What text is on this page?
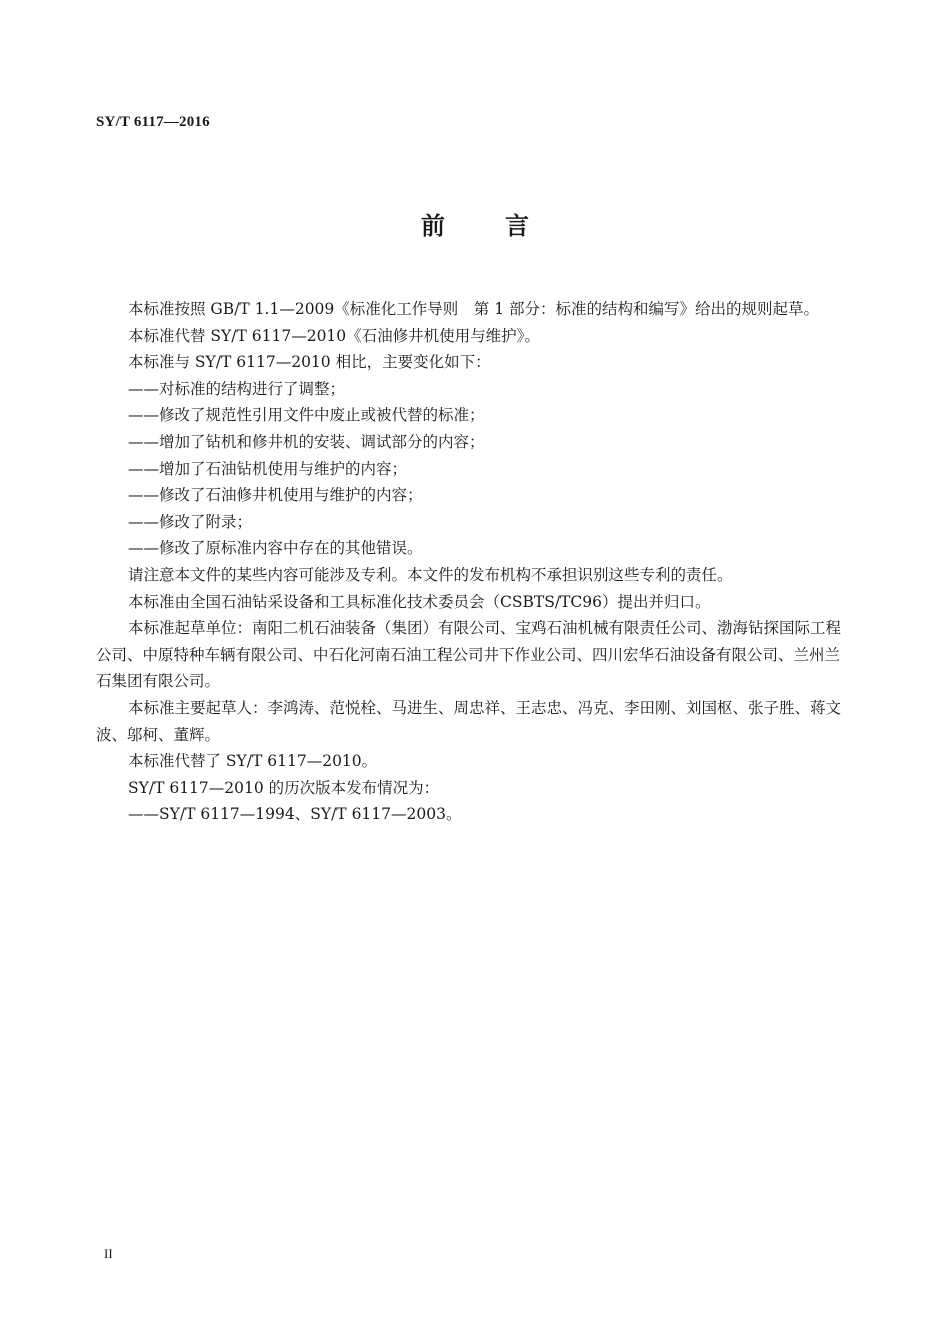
SY/T 6117—2016
前	言

本标准按照 GB/T 1.1—2009《标准化工作导则　第 1 部分：标准的结构和编写》给出的规则起草。

本标准代替 SY/T 6117—2010《石油修井机使用与维护》。

本标准与 SY/T 6117—2010 相比，主要变化如下：

——对标准的结构进行了调整；

——修改了规范性引用文件中废止或被代替的标准；

——增加了钻机和修井机的安装、调试部分的内容；

——增加了石油钻机使用与维护的内容；

——修改了石油修井机使用与维护的内容；

——修改了附录；

——修改了原标准内容中存在的其他错误。

请注意本文件的某些内容可能涉及专利。本文件的发布机构不承担识别这些专利的责任。

本标准由全国石油钻采设备和工具标准化技术委员会（CSBTS/TC96）提出并归口。

本标准起草单位：南阳二机石油装备（集团）有限公司、宝鸡石油机械有限责任公司、渤海钻探国际工程公司、中原特种车辆有限公司、中石化河南石油工程公司井下作业公司、四川宏华石油设备有限公司、兰州兰石集团有限公司。

本标准主要起草人：李鸿涛、范悦栓、马进生、周忠祥、王志忠、冯克、李田刚、刘国枢、张子胜、蒋文波、邬柯、董辉。

本标准代替了 SY/T 6117—2010。

SY/T 6117—2010 的历次版本发布情况为：

——SY/T 6117—1994、SY/T 6117—2003。

II
